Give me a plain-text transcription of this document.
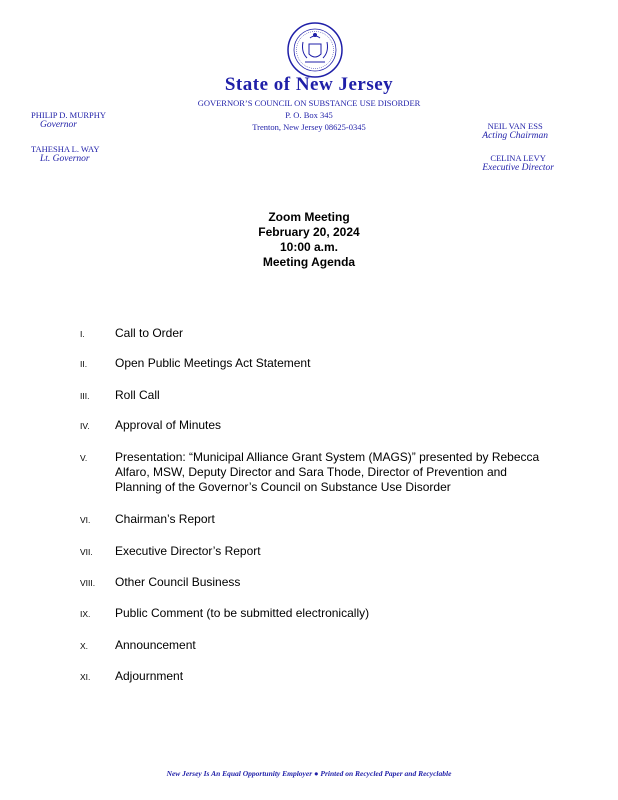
State of New Jersey
GOVERNOR’S COUNCIL ON SUBSTANCE USE DISORDER
P. O. Box 345
Trenton, New Jersey 08625-0345
PHILIP D. MURPHY
Governor
TAHESHA L. WAY
Lt. Governor
NEIL VAN ESS
Acting Chairman
CELINA LEVY
Executive Director
Zoom Meeting
February 20, 2024
10:00 a.m.
Meeting Agenda
I.	Call to Order
II. Open Public Meetings Act Statement
III. Roll Call
IV. Approval of Minutes
V. Presentation: “Municipal Alliance Grant System (MAGS)” presented by Rebecca Alfaro, MSW, Deputy Director and Sara Thode, Director of Prevention and Planning of the Governor’s Council on Substance Use Disorder
VI. Chairman’s Report
VII. Executive Director’s Report
VIII. Other Council Business
IX. Public Comment (to be submitted electronically)
X. Announcement
XI. Adjournment
New Jersey Is An Equal Opportunity Employer ● Printed on Recycled Paper and Recyclable
